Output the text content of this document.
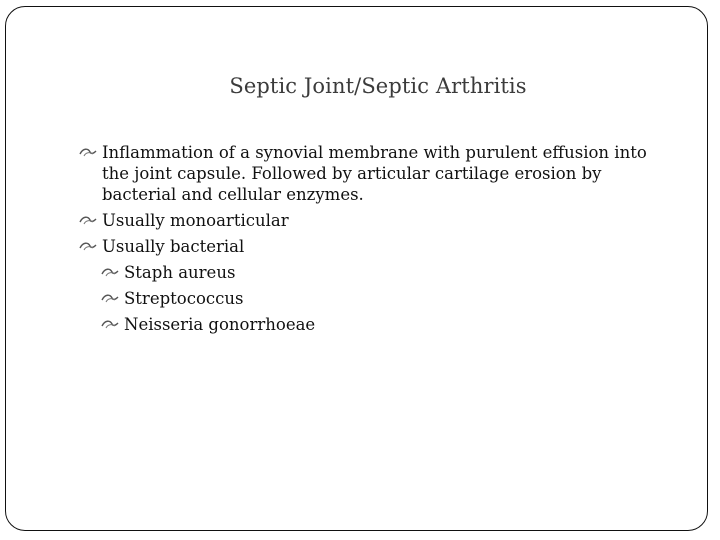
Septic Joint/Septic Arthritis
Inflammation of a synovial membrane with purulent effusion into the joint capsule. Followed by articular cartilage erosion by bacterial and cellular enzymes.
Usually monoarticular
Usually bacterial
Staph aureus
Streptococcus
Neisseria gonorrhoeae
